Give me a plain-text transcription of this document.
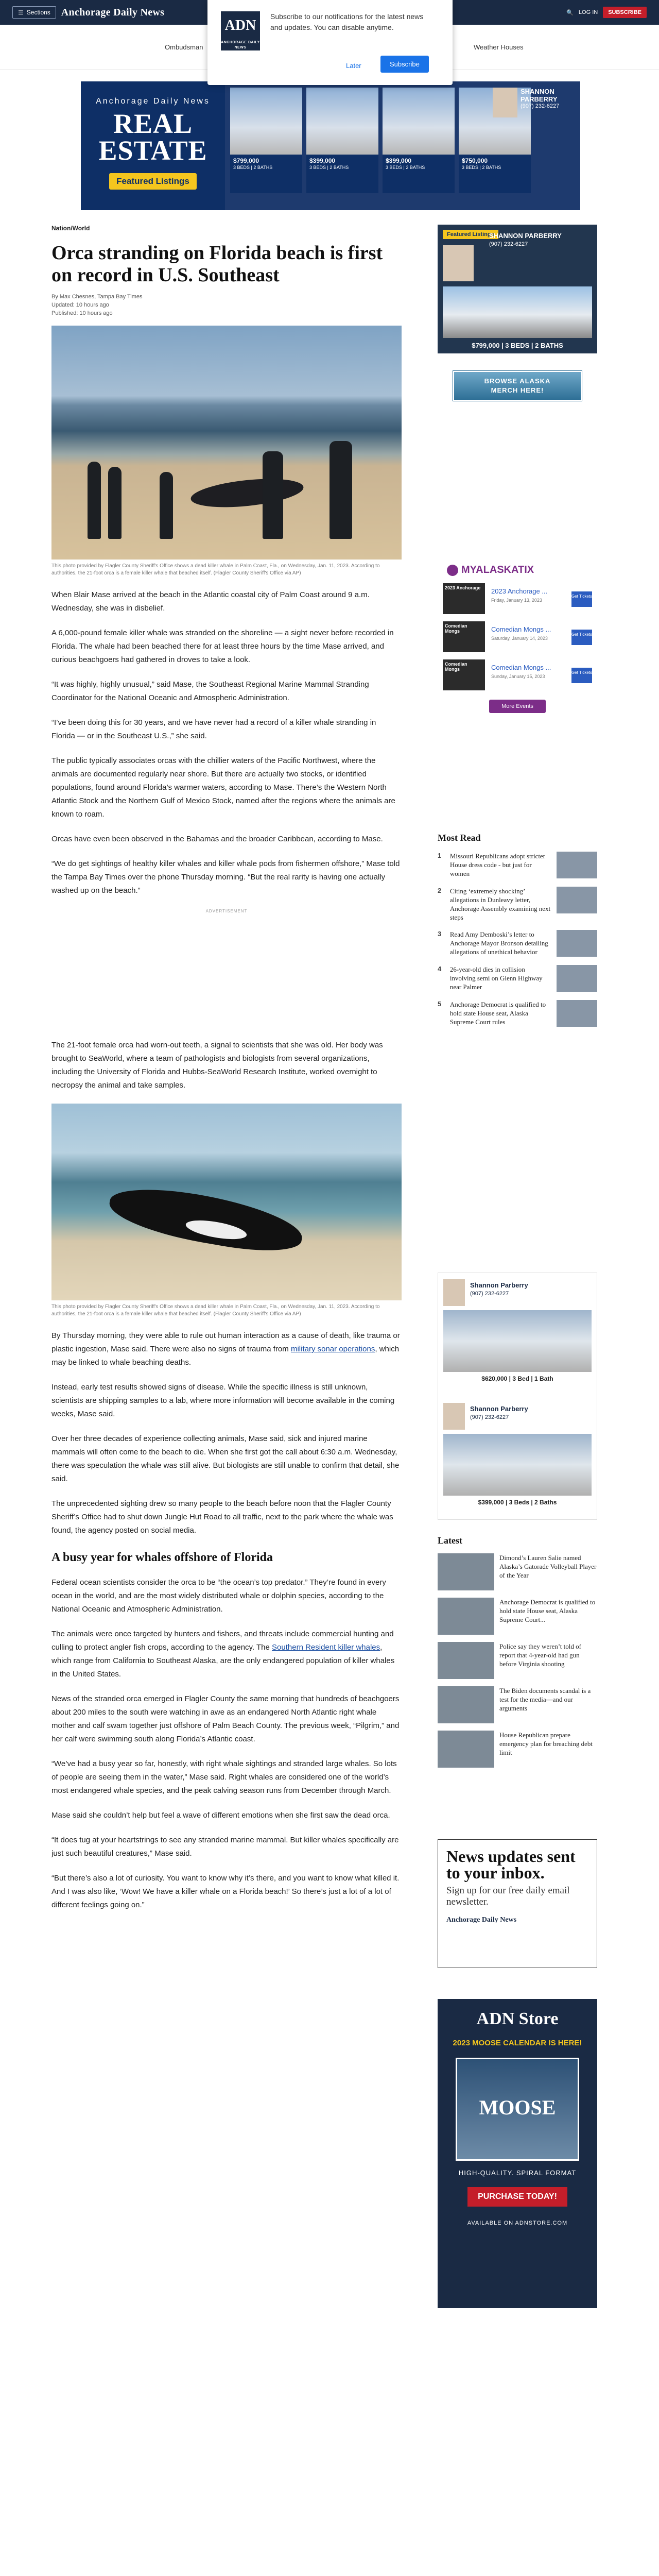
☰ Sections Anchorage Daily News	🔍 LOG IN	SUBSCRIBE
Ombudsman	Weather Houses
Anchorage Daily News
REAL ESTATE
Featured Listings
$799,000
3 BEDS | 2 BATHS
$399,000
3 BEDS | 2 BATHS
$399,000
3 BEDS | 2 BATHS
$750,000
3 BEDS | 2 BATHS
SHANNON PARBERRY
(907) 232-6227
ADN
ANCHORAGE DAILY NEWS
Subscribe to our notifications for the latest news and updates. You can disable anytime.
Later	Subscribe
Nation/World
Orca stranding on Florida beach is first on record in U.S. Southeast
By Max Chesnes, Tampa Bay Times
Updated: 10 hours ago
Published: 10 hours ago
This photo provided by Flagler County Sheriff's Office shows a dead killer whale in Palm Coast, Fla., on Wednesday, Jan. 11, 2023. According to authorities, the 21-foot orca is a female killer whale that beached itself. (Flagler County Sheriff's Office via AP)

When Blair Mase arrived at the beach in the Atlantic coastal city of Palm Coast around 9 a.m. Wednesday, she was in disbelief.

A 6,000-pound female killer whale was stranded on the shoreline — a sight never before recorded in Florida. The whale had been beached there for at least three hours by the time Mase arrived, and curious beachgoers had gathered in droves to take a look.

“It was highly, highly unusual,” said Mase, the Southeast Regional Marine Mammal Stranding Coordinator for the National Oceanic and Atmospheric Administration.

“I’ve been doing this for 30 years, and we have never had a record of a killer whale stranding in Florida — or in the Southeast U.S.,” she said.

The public typically associates orcas with the chillier waters of the Pacific Northwest, where the animals are documented regularly near shore. But there are actually two stocks, or identified populations, found around Florida’s warmer waters, according to Mase. There’s the Western North Atlantic Stock and the Northern Gulf of Mexico Stock, named after the regions where the animals are known to roam.

Orcas have even been observed in the Bahamas and the broader Caribbean, according to Mase.

“We do get sightings of healthy killer whales and killer whale pods from fishermen offshore,” Mase told the Tampa Bay Times over the phone Thursday morning. “But the real rarity is having one actually washed up on the beach.”

ADVERTISEMENT

The 21-foot female orca had worn-out teeth, a signal to scientists that she was old. Her body was brought to SeaWorld, where a team of pathologists and biologists from several organizations, including the University of Florida and Hubbs-SeaWorld Research Institute, worked overnight to necropsy the animal and take samples.

This photo provided by Flagler County Sheriff's Office shows a dead killer whale in Palm Coast, Fla., on Wednesday, Jan. 11, 2023. According to authorities, the 21-foot orca is a female killer whale that beached itself. (Flagler County Sheriff's Office via AP)

By Thursday morning, they were able to rule out human interaction as a cause of death, like trauma or plastic ingestion, Mase said. There were also no signs of trauma from military sonar operations, which may be linked to whale beaching deaths.

Instead, early test results showed signs of disease. While the specific illness is still unknown, scientists are shipping samples to a lab, where more information will become available in the coming weeks, Mase said.

Over her three decades of experience collecting animals, Mase said, sick and injured marine mammals will often come to the beach to die. When she first got the call about 6:30 a.m. Wednesday, there was speculation the whale was still alive. But biologists are still unable to confirm that detail, she said.

The unprecedented sighting drew so many people to the beach before noon that the Flagler County Sheriff’s Office had to shut down Jungle Hut Road to all traffic, next to the park where the whale was found, the agency posted on social media.

A busy year for whales offshore of Florida

Federal ocean scientists consider the orca to be “the ocean’s top predator.” They’re found in every ocean in the world, and are the most widely distributed whale or dolphin species, according to the National Oceanic and Atmospheric Administration.

The animals were once targeted by hunters and fishers, and threats include commercial hunting and culling to protect angler fish crops, according to the agency. The Southern Resident killer whales, which range from California to Southeast Alaska, are the only endangered population of killer whales in the United States.

News of the stranded orca emerged in Flagler County the same morning that hundreds of beachgoers about 200 miles to the south were watching in awe as an endangered North Atlantic right whale mother and calf swam together just offshore of Palm Beach County. The previous week, “Pilgrim,” and her calf were swimming south along Florida’s Atlantic coast.

“We’ve had a busy year so far, honestly, with right whale sightings and stranded large whales. So lots of people are seeing them in the water,” Mase said. Right whales are considered one of the world’s most endangered whale species, and the peak calving season runs from December through March.

Mase said she couldn’t help but feel a wave of different emotions when she first saw the dead orca.

“It does tug at your heartstrings to see any stranded marine mammal. But killer whales specifically are just such beautiful creatures,” Mase said.

“But there’s also a lot of curiosity. You want to know why it’s there, and you want to know what killed it. And I was also like, ‘Wow! We have a killer whale on a Florida beach!’ So there’s just a lot of a lot of different feelings going on.”

Featured Listings
SHANNON PARBERRY
(907) 232-6227
$799,000 | 3 BEDS | 2 BATHS
BROWSE ALASKA
MERCH HERE!
MYALASKATIX
2023 Anchorage	2023 Anchorage ...
Friday, January 13, 2023
Get Tickets
Comedian Mongs	Comedian Mongs ...
Saturday, January 14, 2023
Get Tickets
Comedian Mongs	Comedian Mongs ...
Sunday, January 15, 2023
Get Tickets
More Events
Most Read
1	Missouri Republicans adopt stricter House dress code - but just for women
2	Citing ‘extremely shocking’ allegations in Dunleavy letter, Anchorage Assembly examining next steps
3	Read Amy Demboski’s letter to Anchorage Mayor Bronson detailing allegations of unethical behavior
4	26-year-old dies in collision involving semi on Glenn Highway near Palmer
5	Anchorage Democrat is qualified to hold state House seat, Alaska Supreme Court rules
Shannon Parberry
(907) 232-6227
$620,000 | 3 Bed | 1 Bath
Shannon Parberry
(907) 232-6227
$399,000 | 3 Beds | 2 Baths
Latest
Dimond’s Lauren Salie named Alaska’s Gatorade Volleyball Player of the Year
Anchorage Democrat is qualified to hold state House seat, Alaska Supreme Court...
Police say they weren’t told of report that 4-year-old had gun before Virginia shooting
The Biden documents scandal is a test for the media—and our arguments
House Republican prepare emergency plan for breaching debt limit
News updates sent to your inbox.
Sign up for our free daily email newsletter.
Anchorage Daily News
ADN Store
2023 MOOSE CALENDAR IS HERE!
MOOSE
HIGH-QUALITY. SPIRAL FORMAT
PURCHASE TODAY!
AVAILABLE ON ADNSTORE.COM
